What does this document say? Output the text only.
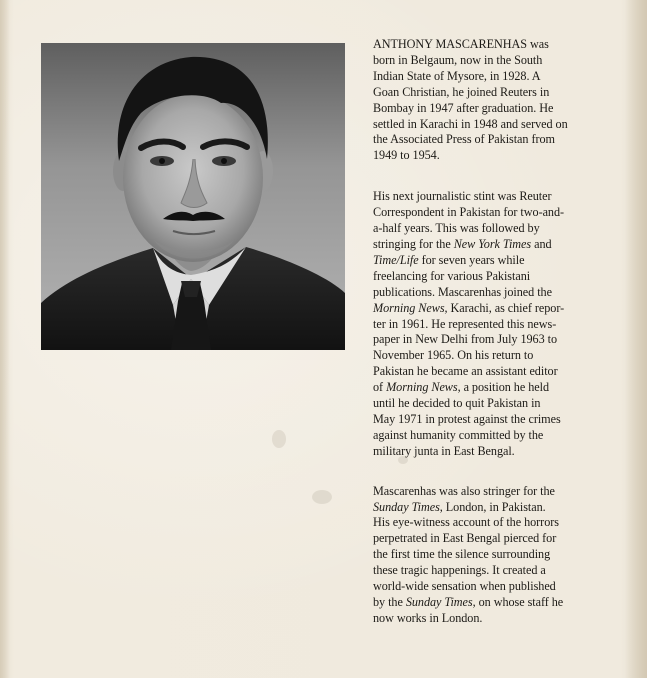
ANTHONY MASCARENHAS was
born in Belgaum, now in the South
Indian State of Mysore, in 1928. A
Goan Christian, he joined Reuters in
Bombay in 1947 after graduation. He
settled in Karachi in 1948 and served on
the Associated Press of Pakistan from
1949 to 1954.
His next journalistic stint was Reuter
Correspondent in Pakistan for two-and-
a-half years. This was followed by
stringing for the New York Times and
Time/Life for seven years while
freelancing for various Pakistani
publications. Mascarenhas joined the
Morning News, Karachi, as chief repor-
ter in 1961. He represented this news-
paper in New Delhi from July 1963 to
November 1965. On his return to
Pakistan he became an assistant editor
of Morning News, a position he held
until he decided to quit Pakistan in
May 1971 in protest against the crimes
against humanity committed by the
military junta in East Bengal.
Mascarenhas was also stringer for the
Sunday Times, London, in Pakistan.
His eye-witness account of the horrors
perpetrated in East Bengal pierced for
the first time the silence surrounding
these tragic happenings. It created a
world-wide sensation when published
by the Sunday Times, on whose staff he
now works in London.
